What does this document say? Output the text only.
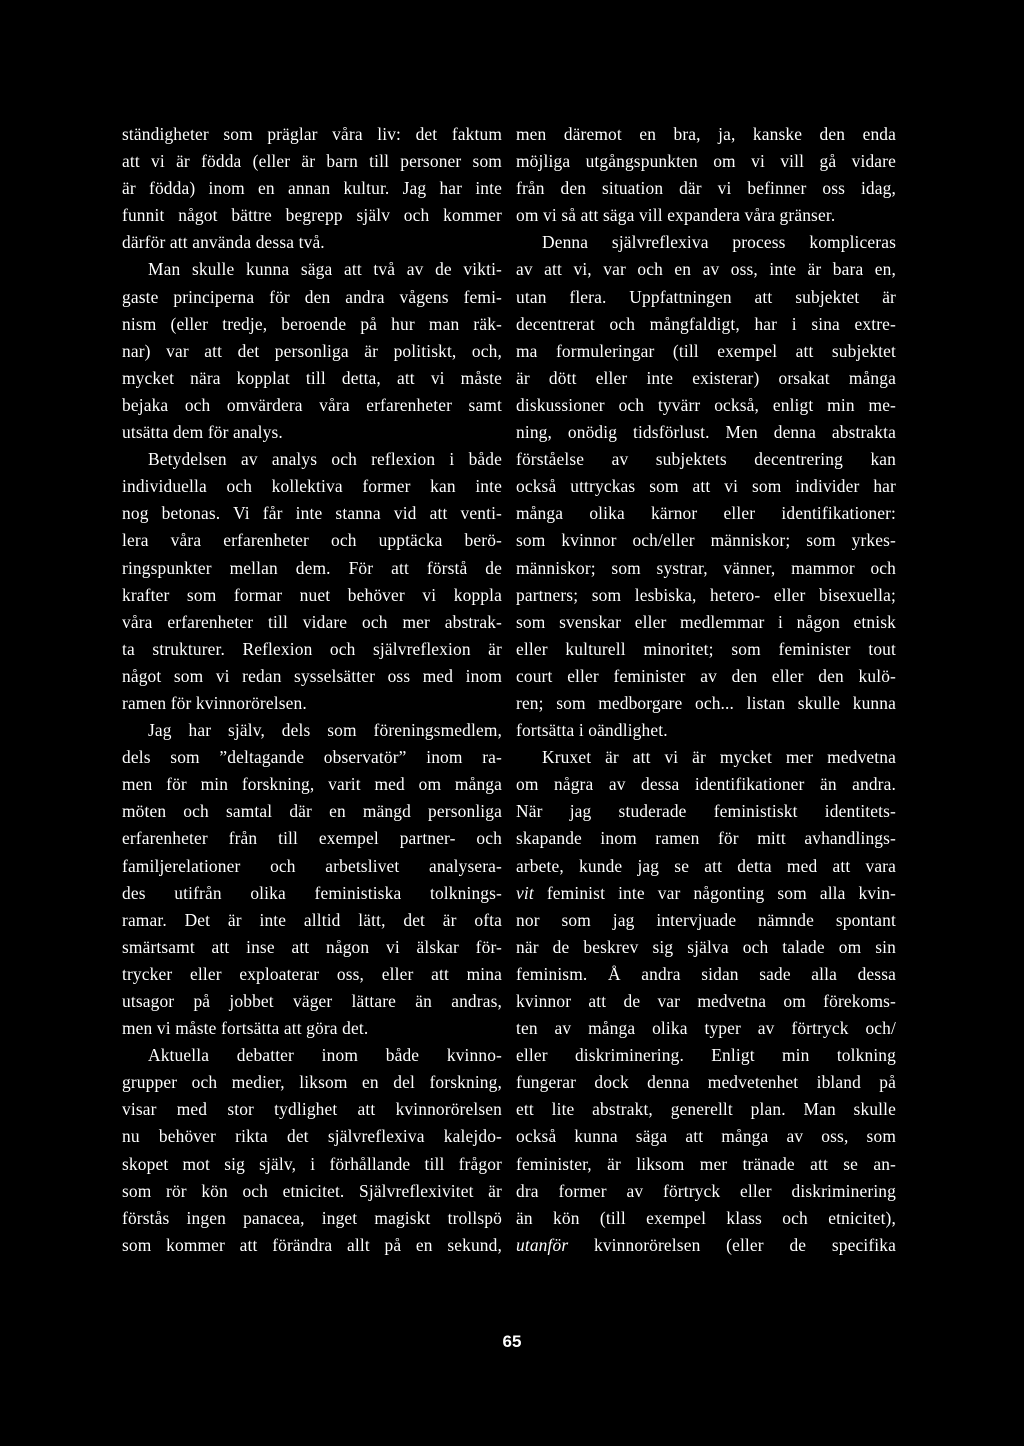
ständigheter som präglar våra liv: det faktum
att vi är födda (eller är barn till personer som
är födda) inom en annan kultur. Jag har inte
funnit något bättre begrepp själv och kommer
därför att använda dessa två.
Man skulle kunna säga att två av de vikti-
gaste principerna för den andra vågens femi-
nism (eller tredje, beroende på hur man räk-
nar) var att det personliga är politiskt, och,
mycket nära kopplat till detta, att vi måste
bejaka och omvärdera våra erfarenheter samt
utsätta dem för analys.
Betydelsen av analys och reflexion i både
individuella och kollektiva former kan inte
nog betonas. Vi får inte stanna vid att venti-
lera våra erfarenheter och upptäcka berö-
ringspunkter mellan dem. För att förstå de
krafter som formar nuet behöver vi koppla
våra erfarenheter till vidare och mer abstrak-
ta strukturer. Reflexion och självreflexion är
något som vi redan sysselsätter oss med inom
ramen för kvinnorörelsen.
Jag har själv, dels som föreningsmedlem,
dels som ”deltagande observatör” inom ra-
men för min forskning, varit med om många
möten och samtal där en mängd personliga
erfarenheter från till exempel partner- och
familjerelationer och arbetslivet analysera-
des utifrån olika feministiska tolknings-
ramar. Det är inte alltid lätt, det är ofta
smärtsamt att inse att någon vi älskar för-
trycker eller exploaterar oss, eller att mina
utsagor på jobbet väger lättare än andras,
men vi måste fortsätta att göra det.
Aktuella debatter inom både kvinno-
grupper och medier, liksom en del forskning,
visar med stor tydlighet att kvinnorörelsen
nu behöver rikta det självreflexiva kalejdo-
skopet mot sig själv, i förhållande till frågor
som rör kön och etnicitet. Självreflexivitet är
förstås ingen panacea, inget magiskt trollspö
som kommer att förändra allt på en sekund,
men däremot en bra, ja, kanske den enda
möjliga utgångspunkten om vi vill gå vidare
från den situation där vi befinner oss idag,
om vi så att säga vill expandera våra gränser.
Denna självreflexiva process kompliceras
av att vi, var och en av oss, inte är bara en,
utan flera. Uppfattningen att subjektet är
decentrerat och mångfaldigt, har i sina extre-
ma formuleringar (till exempel att subjektet
är dött eller inte existerar) orsakat många
diskussioner och tyvärr också, enligt min me-
ning, onödig tidsförlust. Men denna abstrakta
förståelse av subjektets decentrering kan
också uttryckas som att vi som individer har
många olika kärnor eller identifikationer:
som kvinnor och/eller människor; som yrkes-
människor; som systrar, vänner, mammor och
partners; som lesbiska, hetero- eller bisexuella;
som svenskar eller medlemmar i någon etnisk
eller kulturell minoritet; som feminister tout
court eller feminister av den eller den kulö-
ren; som medborgare och... listan skulle kunna
fortsätta i oändlighet.
Kruxet är att vi är mycket mer medvetna
om några av dessa identifikationer än andra.
När jag studerade feministiskt identitets-
skapande inom ramen för mitt avhandlings-
arbete, kunde jag se att detta med att vara
vit feminist inte var någonting som alla kvin-
nor som jag intervjuade nämnde spontant
när de beskrev sig själva och talade om sin
feminism. Å andra sidan sade alla dessa
kvinnor att de var medvetna om förekoms-
ten av många olika typer av förtryck och/
eller diskriminering. Enligt min tolkning
fungerar dock denna medvetenhet ibland på
ett lite abstrakt, generellt plan. Man skulle
också kunna säga att många av oss, som
feminister, är liksom mer tränade att se an-
dra former av förtryck eller diskriminering
än kön (till exempel klass och etnicitet),
utanför kvinnorörelsen (eller de specifika
65
